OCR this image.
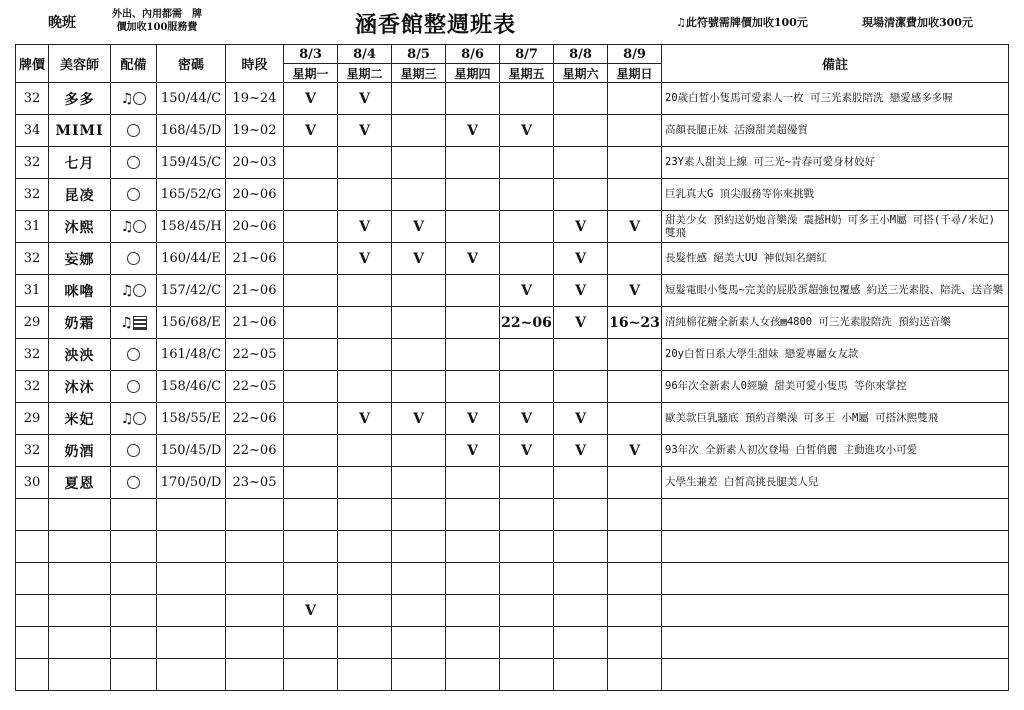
晚班
外出、內用都需　牌
價加收100服務費	涵香館整週班表	♫此符號需牌價加收100元	現場清潔費加收300元
牌價	美容師	配備	密碼	時段	8/3	8/4	8/5	8/6	8/7	8/8	8/9	備註
					星期一	星期二	星期三	星期四	星期五	星期六	星期日	
32	多多	♫	150/44/C	19~24	V	V						20歲白皙小隻馬可愛素人一枚 可三光素股陪洗 戀愛感多多喔
34	MIMI		168/45/D	19~02	V	V		V	V			高顏長腿正妹 活潑甜美超優質
32	七月		159/45/C	20~03								23Y素人甜美上線 可三光~青春可愛身材姣好
32	昆凌		165/52/G	20~06								巨乳真大G 頂尖服務等你來挑戰
31	沐熙	♫	158/45/H	20~06		V	V			V	V	甜美少女 預約送奶炮音樂澡 震撼H奶 可多王小M屬 可搭(千尋/米妃)雙飛
32	妄娜		160/44/E	21~06		V	V	V		V		長髮性感 絕美大UU 神似知名網紅
31	咪嚕	♫	157/42/C	21~06					V	V	V	短髮電眼小隻馬~完美的屁股蛋超強包覆感 約送三光素股、陪洗、送音樂
29	奶霜	♫	156/68/E	21~06					22~06	V	16~23	清純棉花糖全新素人女孩▤4800 可三光素股陪洗 預約送音樂
32	泱泱		161/48/C	22~05								20y白皙日系大學生甜妹 戀愛專屬女友款
32	沐沐		158/46/C	22~05								96年次全新素人0經驗 甜美可愛小隻馬 等你來掌控
29	米妃	♫	158/55/E	22~06		V	V	V	V	V		歐美款巨乳騷底 預約音樂澡 可多王 小M屬 可搭沐熙雙飛
32	奶酒		150/45/D	22~06				V	V	V	V	93年次 全新素人初次登場 白皙俏麗 主動進攻小可愛
30	夏恩		170/50/D	23~05								大學生兼差 白皙高挑長腿美人兒

					V							
